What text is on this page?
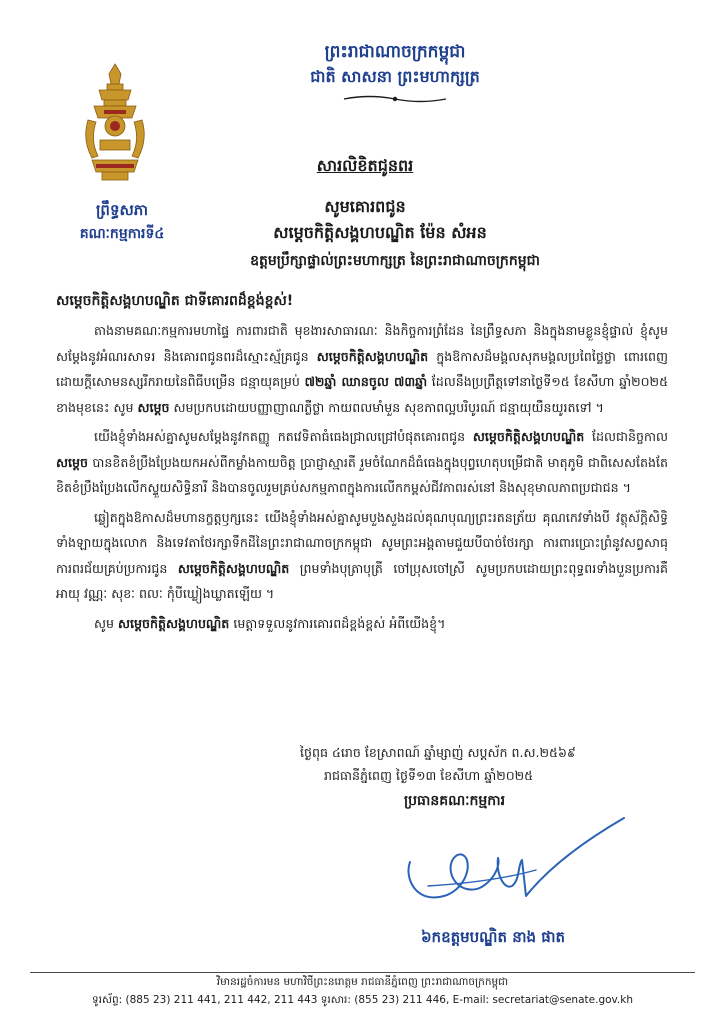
ព្រះរាជាណាចក្រកម្ពុជា
ជាតិ សាសនា ព្រះមហាក្សត្រ
ព្រឹទ្ធសភា
គណៈកម្មការទី៤
សារលិខិតជូនពរ
សូមគោរពជូន
សម្តេចកិត្តិសង្គហបណ្ឌិត ម៉ែន សំអន
ឧត្តមប្រឹក្សាផ្ទាល់ព្រះមហាក្សត្រ នៃព្រះរាជាណាចក្រកម្ពុជា

សម្តេចកិត្តិសង្គហបណ្ឌិត ជាទីគោរពដ៏ខ្ពង់ខ្ពស់!

តាងនាមគណៈកម្មការមហាផ្ទៃ ការពារជាតិ មុខងារសាធារណៈ និងកិច្ចការព្រំដែន នៃព្រឹទ្ធសភា និងក្នុងនាមខ្លួនខ្ញុំផ្ទាល់ ខ្ញុំសូមសម្តែងនូវអំណរសាទរ និងគោរពជូនពរដ៏ស្មោះស្ម័គ្រជូន សម្តេចកិត្តិសង្គហបណ្ឌិត ក្នុងឱកាសដ៏មង្គលសុភមង្គលប្រពៃថ្លៃថ្លា ពោរពេញដោយក្តីសោមនស្សរីករាយនៃពិធីបម្រើន ជន្មាយុគម្រប់ ៧២ឆ្នាំ ឈានចូល ៧៣ឆ្នាំ ដែលនឹងប្រព្រឹត្តទៅនាថ្ងៃទី១៥ ខែសីហា ឆ្នាំ២០២៥ ខាងមុខនេះ សូម សម្តេច សមប្រកបដោយបញ្ញាញាណភ្លឺថ្លា កាយពលមាំមួន សុខភាពល្អបរិបូរណ៍ ជន្មាយុយឺនយូរតទៅ ។

យើងខ្ញុំទាំងអស់គ្នាសូមសម្តែងនូវកតញ្ញូ កតវេទិតាធំធេងជ្រាលជ្រៅបំផុតគោរពជូន សម្តេចកិត្តិសង្គហបណ្ឌិត ដែលជានិច្ចកាល សម្តេច បានខិតខំប្រឹងប្រែងយកអស់ពីកម្លាំងកាយចិត្ត ប្រាជ្ញាស្មារតី រួមចំណែកដ៏ធំធេងក្នុងបុព្វហេតុបម្រើជាតិ មាតុភូមិ ជាពិសេសតែងតែខិតខំប្រឹងប្រែងលើកស្ទួយសិទ្ធិនារី និងបានចូលរួមគ្រប់សកម្មភាពក្នុងការលើកកម្ពស់ជីវភាពរស់នៅ និងសុខុមាលភាពប្រជាជន ។

ឆ្លៀតក្នុងឱកាសដ៏មហានក្ខត្តឫក្សនេះ យើងខ្ញុំទាំងអស់គ្នាសូមបួងសួងដល់គុណបុណ្យព្រះរតនត្រ័យ គុណកេវទាំងបី វត្ថុស័ក្តិសិទ្ធិទាំងឡាយក្នុងលោក និងទេវតាថែរក្សាទឹកដីនៃព្រះរាជាណាចក្រកម្ពុជា សូមព្រះអង្គតាមជួយបីបាច់ថែរក្សា ការពារប្រោះព្រំនូវសព្វសាធុការពរជ័យគ្រប់ប្រការជូន សម្តេចកិត្តិសង្គហបណ្ឌិត ព្រមទាំងបុត្រាបុត្រី ចៅប្រុសចៅស្រី សូមប្រកបដោយព្រះពុទ្ធពរទាំងបួនប្រការគឺ អាយុ វណ្ណៈ សុខៈ ពលៈ កុំបីឃ្លៀងឃ្លាតឡើយ ។

សូម សម្តេចកិត្តិសង្គហបណ្ឌិត មេត្តាទទួលនូវការគោរពដ៏ខ្ពង់ខ្ពស់ អំពីយើងខ្ញុំ។

ថ្ងៃពុធ ៤រោច ខែស្រាពណ៍ ឆ្នាំម្សាញ់ សប្តស័ក ព.ស.២៥៦៩
រាជធានីភ្នំពេញ ថ្ងៃទី១៣ ខែសីហា ឆ្នាំ២០២៥
ប្រធានគណៈកម្មការ
៦កឧត្តមបណ្ឌិត នាង ផាត
វិមានរដ្ឋចំការមន មហាវិថីព្រះនរោត្តម រាជធានីភ្នំពេញ ព្រះរាជាណាចក្រកម្ពុជា
ទូរស័ព្ទ: (885 23) 211 441, 211 442, 211 443 ទូរសារ: (855 23) 211 446, E-mail: secretariat@senate.gov.kh
